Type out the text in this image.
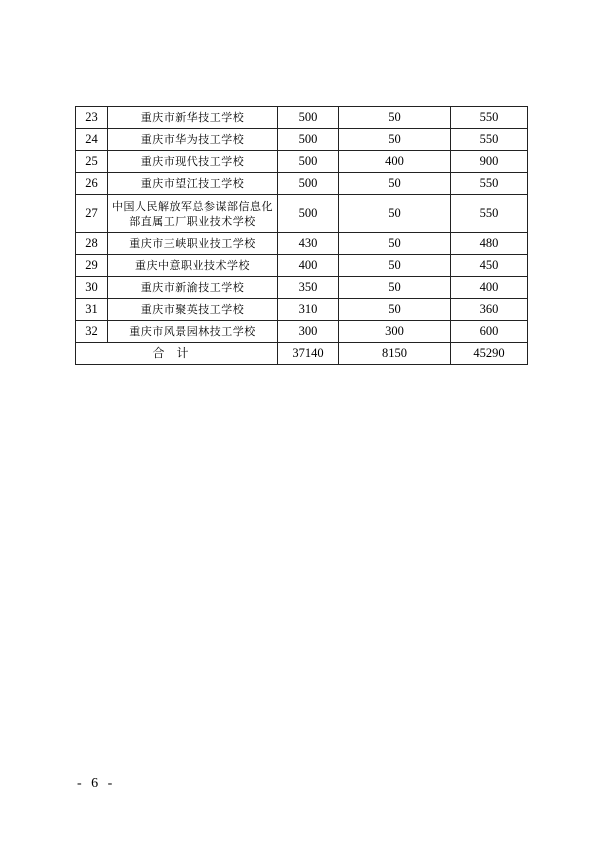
23	重庆市新华技工学校	500	50	550
24	重庆市华为技工学校	500	50	550
25	重庆市现代技工学校	500	400	900
26	重庆市望江技工学校	500	50	550
27	中国人民解放军总参谋部信息化部直属工厂职业技术学校	500	50	550
28	重庆市三峡职业技工学校	430	50	480
29	重庆中意职业技术学校	400	50	450
30	重庆市新渝技工学校	350	50	400
31	重庆市聚英技工学校	310	50	360
32	重庆市风景园林技工学校	300	300	600
合计		37140	8150	45290
- 6 -
